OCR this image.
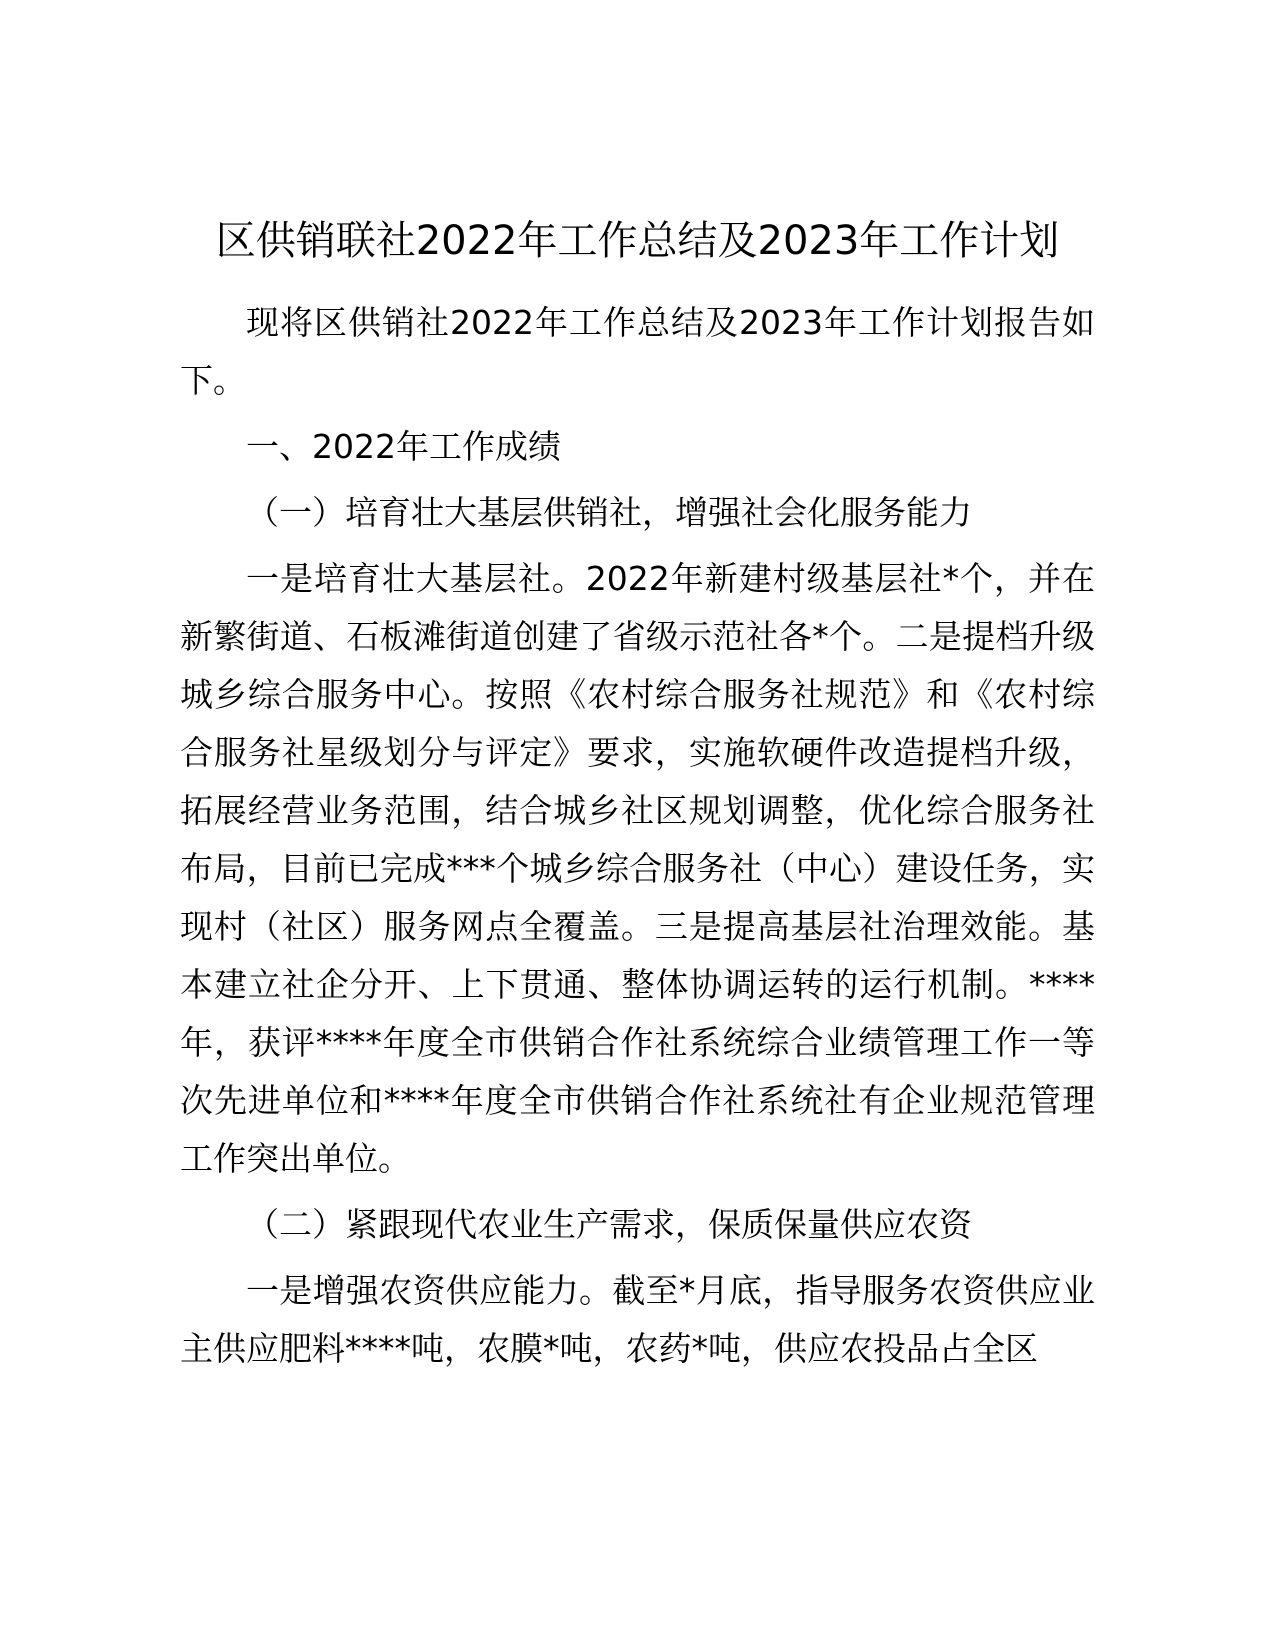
区供销联社2022年工作总结及2023年工作计划

现将区供销社2022年工作总结及2023年工作计划报告如下。

一、2022年工作成绩

（一）培育壮大基层供销社，增强社会化服务能力

一是培育壮大基层社。2022年新建村级基层社*个，并在新繁街道、石板滩街道创建了省级示范社各*个。二是提档升级城乡综合服务中心。按照《农村综合服务社规范》和《农村综合服务社星级划分与评定》要求，实施软硬件改造提档升级，拓展经营业务范围，结合城乡社区规划调整，优化综合服务社布局，目前已完成***个城乡综合服务社（中心）建设任务，实现村（社区）服务网点全覆盖。三是提高基层社治理效能。基本建立社企分开、上下贯通、整体协调运转的运行机制。****年，获评****年度全市供销合作社系统综合业绩管理工作一等次先进单位和****年度全市供销合作社系统社有企业规范管理工作突出单位。

（二）紧跟现代农业生产需求，保质保量供应农资

一是增强农资供应能力。截至*月底，指导服务农资供应业主供应肥料****吨，农膜*吨，农药*吨，供应农投品占全区
